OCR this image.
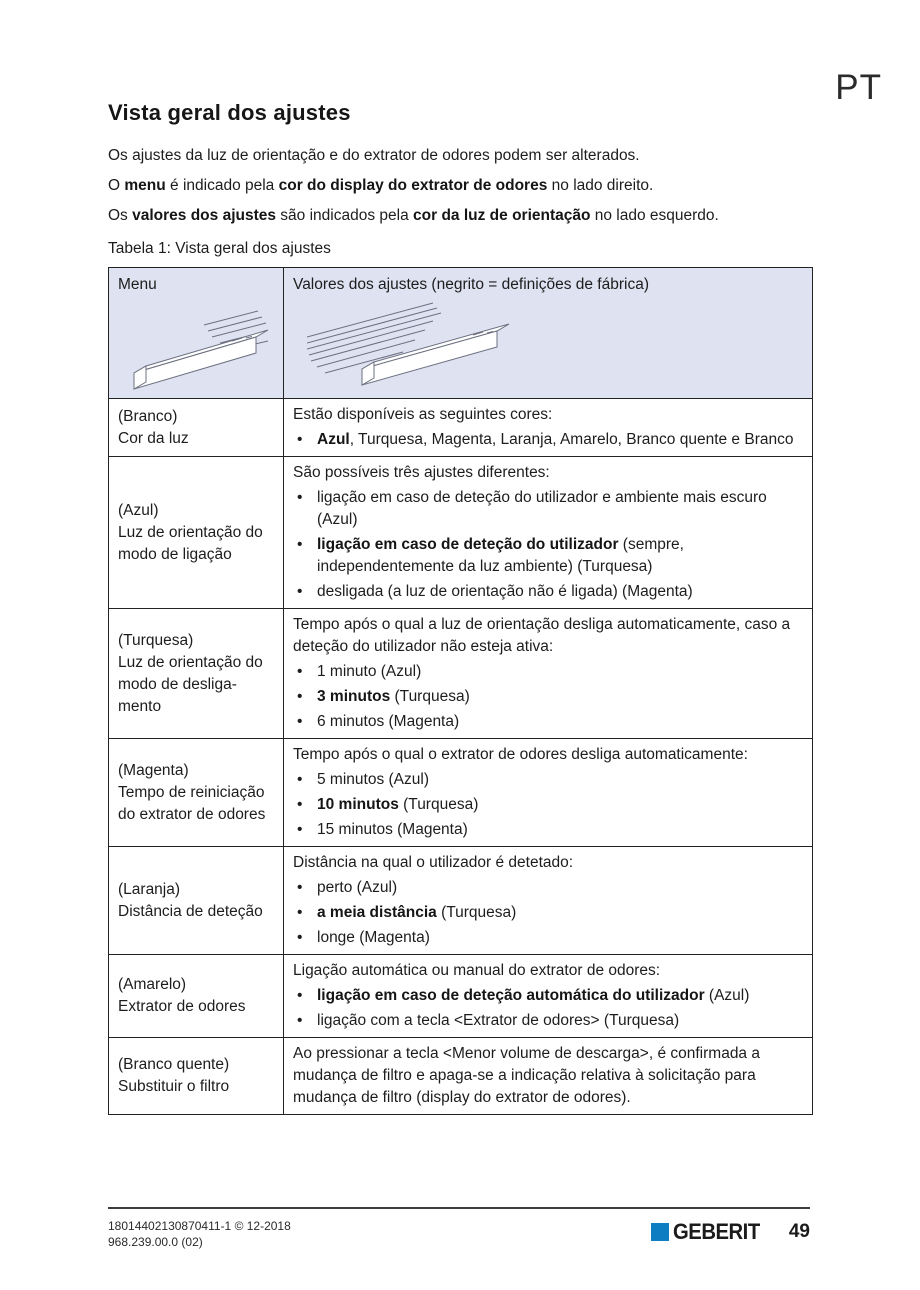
PT
Vista geral dos ajustes

Os ajustes da luz de orientação e do extrator de odores podem ser alterados.

O menu é indicado pela cor do display do extrator de odores no lado direito.

Os valores dos ajustes são indicados pela cor da luz de orientação no lado esquerdo.

Tabela 1: Vista geral dos ajustes
Menu	Valores dos ajustes (negrito = definições de fábrica)
(Branco)
Cor da luz

Estão disponíveis as seguintes cores:

• Azul, Turquesa, Magenta, Laranja, Amarelo, Branco quente e Branco
(Azul)
Luz de orientação do
modo de ligação

São possíveis três ajustes diferentes:

• ligação em caso de deteção do utilizador e ambiente mais escuro (Azul)
• ligação em caso de deteção do utilizador (sempre, independentemente da luz ambiente) (Turquesa)
• desligada (a luz de orientação não é ligada) (Magenta)
(Turquesa)
Luz de orientação do
modo de desliga-
mento

Tempo após o qual a luz de orientação desliga automaticamente, caso a deteção do utilizador não esteja ativa:

• 1 minuto (Azul)
• 3 minutos (Turquesa)
• 6 minutos (Magenta)
(Magenta)
Tempo de reiniciação
do extrator de odores

Tempo após o qual o extrator de odores desliga automaticamente:

• 5 minutos (Azul)
• 10 minutos (Turquesa)
• 15 minutos (Magenta)
(Laranja)
Distância de deteção

Distância na qual o utilizador é detetado:

• perto (Azul)
• a meia distância (Turquesa)
• longe (Magenta)
(Amarelo)
Extrator de odores

Ligação automática ou manual do extrator de odores:

• ligação em caso de deteção automática do utilizador (Azul)
• ligação com a tecla <Extrator de odores> (Turquesa)
(Branco quente)
Substituir o filtro

Ao pressionar a tecla <Menor volume de descarga>, é confirmada a mudança de filtro e apaga-se a indicação relativa à solicitação para mudança de filtro (display do extrator de odores).

18014402130870411-1 © 12-2018
968.239.00.0 (02)	GEBERIT 49
